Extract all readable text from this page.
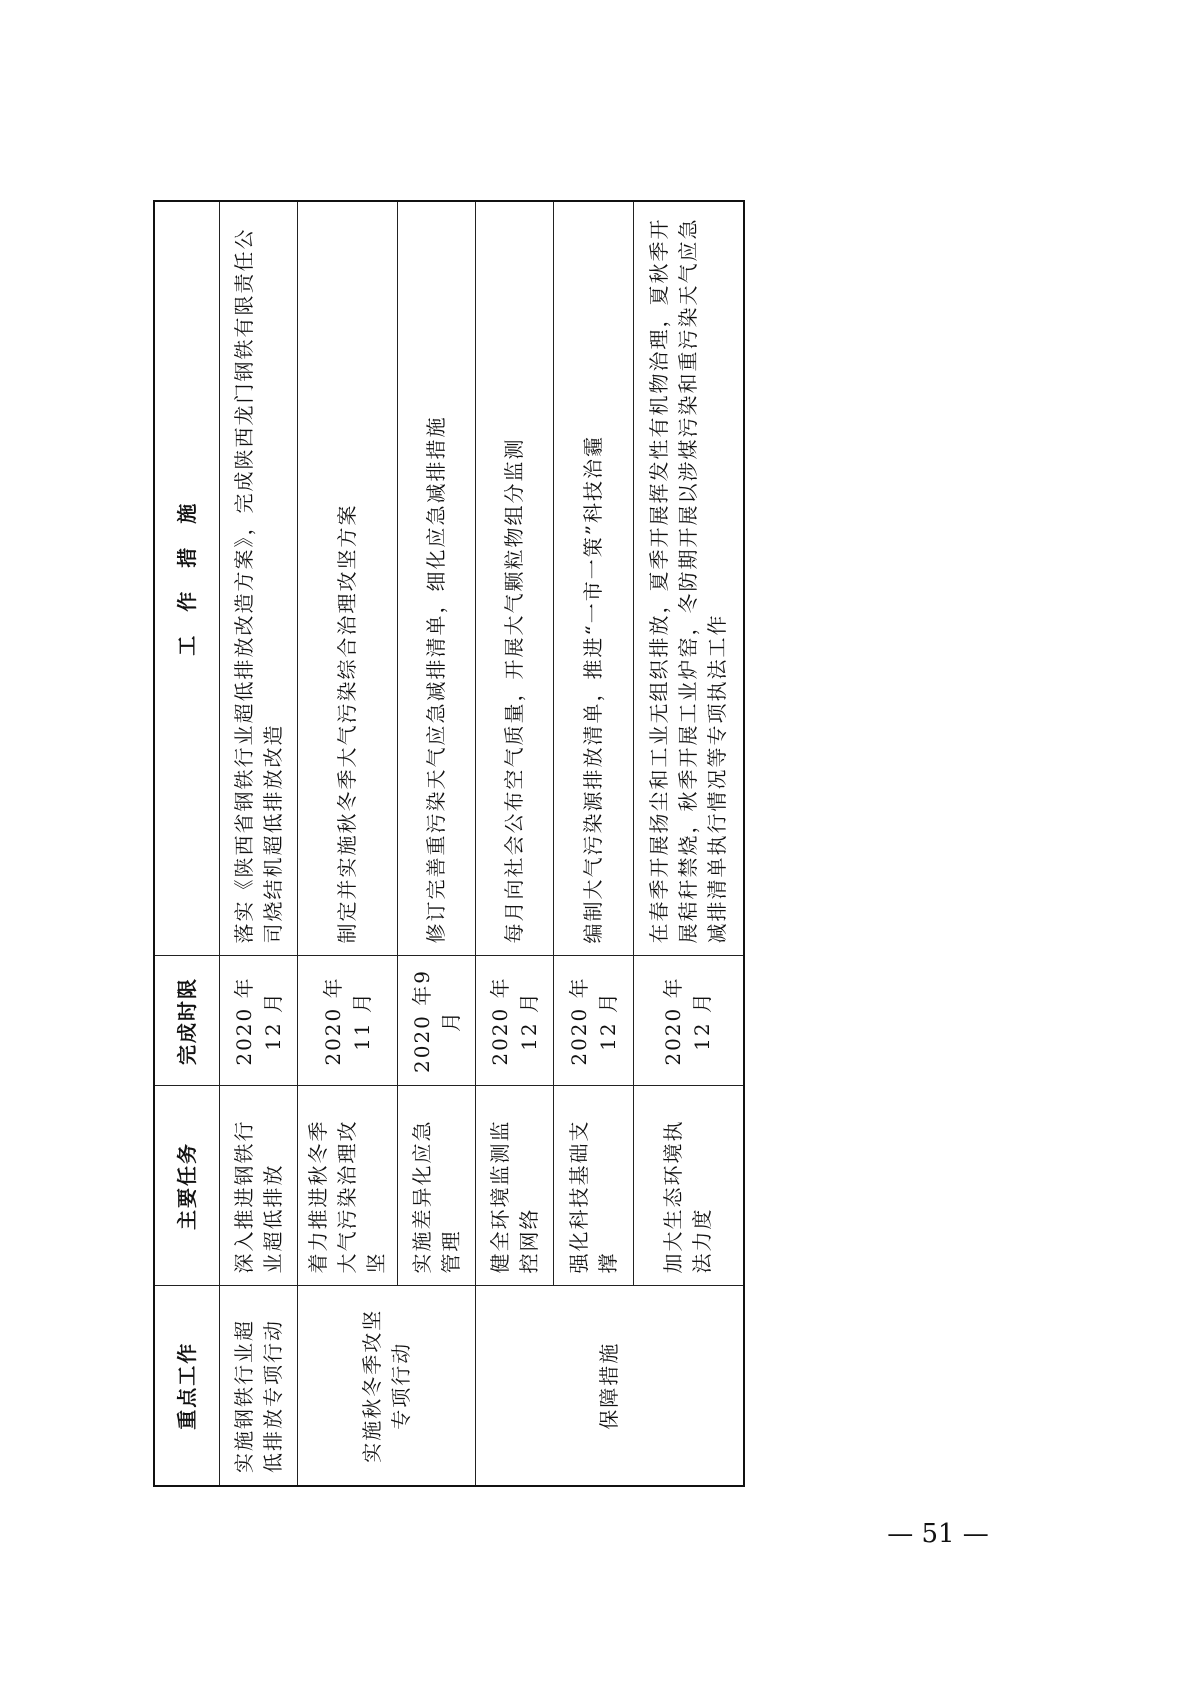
重点工作	主要任务	完成时限	工　作　措　施
实施钢铁行业超低排放专项行动	深入推进钢铁行业超低排放	2020 年12 月	落实《陕西省钢铁行业超低排放改造方案》，完成陕西龙门钢铁有限责任公司烧结机超低排放改造
实施秋冬季攻坚专项行动	着力推进秋冬季大气污染治理攻坚	2020 年11 月	制定并实施秋冬季大气污染综合治理攻坚方案
	实施差异化应急管理	2020 年9 月	修订完善重污染天气应急减排清单，细化应急减排措施
保障措施	健全环境监测监控网络	2020 年12 月	每月向社会公布空气质量，开展大气颗粒物组分监测
	强化科技基础支撑	2020 年12 月	编制大气污染源排放清单，推进“一市一策”科技治霾
	加大生态环境执法力度	2020 年12 月	在春季开展扬尘和工业无组织排放，夏季开展挥发性有机物治理，夏秋季开展秸秆禁烧，秋季开展工业炉窑，冬防期开展以涉煤污染和重污染天气应急减排清单执行情况等专项执法工作
— 51 —
